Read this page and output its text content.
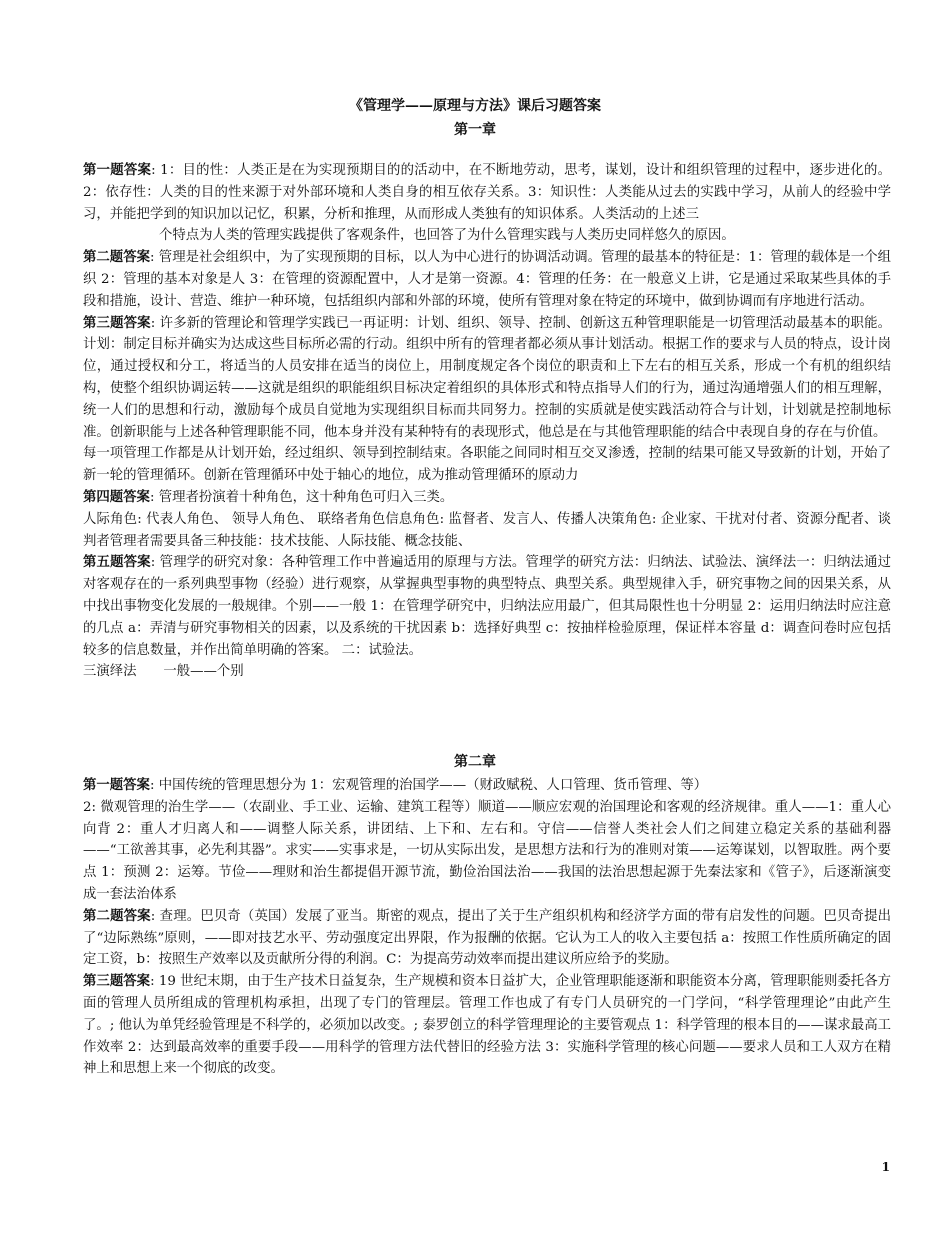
《管理学——原理与方法》课后习题答案
第一章

第一题答案: 1：目的性：人类正是在为实现预期目的的活动中，在不断地劳动，思考，谋划，设计和组织管理的过程中，逐步进化的。2：依存性：人类的目的性来源于对外部环境和人类自身的相互依存关系。3：知识性：人类能从过去的实践中学习，从前人的经验中学习，并能把学到的知识加以记忆，积累，分析和推理，从而形成人类独有的知识体系。人类活动的上述三
个特点为人类的管理实践提供了客观条件，也回答了为什么管理实践与人类历史同样悠久的原因。

第二题答案: 管理是社会组织中，为了实现预期的目标，以人为中心进行的协调活动调。管理的最基本的特征是：1：管理的载体是一个组织 2：管理的基本对象是人 3：在管理的资源配置中，人才是第一资源。4：管理的任务：在一般意义上讲，它是通过采取某些具体的手段和措施，设计、营造、维护一种环境，包括组织内部和外部的环境，使所有管理对象在特定的环境中，做到协调而有序地进行活动。

第三题答案: 许多新的管理论和管理学实践已一再证明：计划、组织、领导、控制、创新这五种管理职能是一切管理活动最基本的职能。计划：制定目标并确实为达成这些目标所必需的行动。组织中所有的管理者都必须从事计划活动。根据工作的要求与人员的特点，设计岗位，通过授权和分工，将适当的人员安排在适当的岗位上，用制度规定各个岗位的职责和上下左右的相互关系，形成一个有机的组织结构，使整个组织协调运转——这就是组织的职能组织目标决定着组织的具体形式和特点指导人们的行为，通过沟通增强人们的相互理解，统一人们的思想和行动，激励每个成员自觉地为实现组织目标而共同努力。控制的实质就是使实践活动符合与计划，计划就是控制地标准。创新职能与上述各种管理职能不同，他本身并没有某种特有的表现形式，他总是在与其他管理职能的结合中表现自身的存在与价值。

每一项管理工作都是从计划开始，经过组织、领导到控制结束。各职能之间同时相互交叉渗透，控制的结果可能又导致新的计划，开始了新一轮的管理循环。创新在管理循环中处于轴心的地位，成为推动管理循环的原动力

第四题答案: 管理者扮演着十种角色，这十种角色可归入三类。

人际角色: 代表人角色、 领导人角色、 联络者角色信息角色: 监督者、发言人、传播人决策角色: 企业家、干扰对付者、资源分配者、谈判者管理者需要具备三种技能：技术技能、人际技能、概念技能、

第五题答案: 管理学的研究对象：各种管理工作中普遍适用的原理与方法。管理学的研究方法：归纳法、试验法、演绎法一：归纳法通过对客观存在的一系列典型事物（经验）进行观察，从掌握典型事物的典型特点、典型关系。典型规律入手，研究事物之间的因果关系，从中找出事物变化发展的一般规律。个别——一般 1：在管理学研究中，归纳法应用最广，但其局限性也十分明显 2：运用归纳法时应注意的几点 a：弄清与研究事物相关的因素，以及系统的干扰因素 b：选择好典型 c：按抽样检验原理，保证样本容量 d：调查问卷时应包括较多的信息数量，并作出简单明确的答案。 二：试验法。

三演绎法　　一般——个别

第二章

第一题答案: 中国传统的管理思想分为 1：宏观管理的治国学——（财政赋税、人口管理、货币管理、等）

2: 微观管理的治生学——（农副业、手工业、运输、建筑工程等）顺道——顺应宏观的治国理论和客观的经济规律。重人——1：重人心向背 2：重人才归离人和——调整人际关系，讲团结、上下和、左右和。守信——信誉人类社会人们之间建立稳定关系的基础利器——“工欲善其事，必先利其器”。求实——实事求是，一切从实际出发，是思想方法和行为的准则对策——运筹谋划，以智取胜。两个要点 1：预测 2：运筹。节俭——理财和治生都提倡开源节流，勤俭治国法治——我国的法治思想起源于先秦法家和《管子》，后逐渐演变成一套法治体系

第二题答案: 查理。巴贝奇（英国）发展了亚当。斯密的观点，提出了关于生产组织机构和经济学方面的带有启发性的问题。巴贝奇提出了“边际熟练”原则，——即对技艺水平、劳动强度定出界限，作为报酬的依据。它认为工人的收入主要包括 a：按照工作性质所确定的固定工资，b：按照生产效率以及贡献所分得的利润。C：为提高劳动效率而提出建议所应给予的奖励。

第三题答案: 19 世纪末期，由于生产技术日益复杂，生产规模和资本日益扩大，企业管理职能逐渐和职能资本分离，管理职能则委托各方面的管理人员所组成的管理机构承担，出现了专门的管理层。管理工作也成了有专门人员研究的一门学问，“科学管理理论”由此产生了。; 他认为单凭经验管理是不科学的，必须加以改变。; 泰罗创立的科学管理理论的主要管观点 1：科学管理的根本目的——谋求最高工作效率 2：达到最高效率的重要手段——用科学的管理方法代替旧的经验方法 3：实施科学管理的核心问题——要求人员和工人双方在精神上和思想上来一个彻底的改变。

1
